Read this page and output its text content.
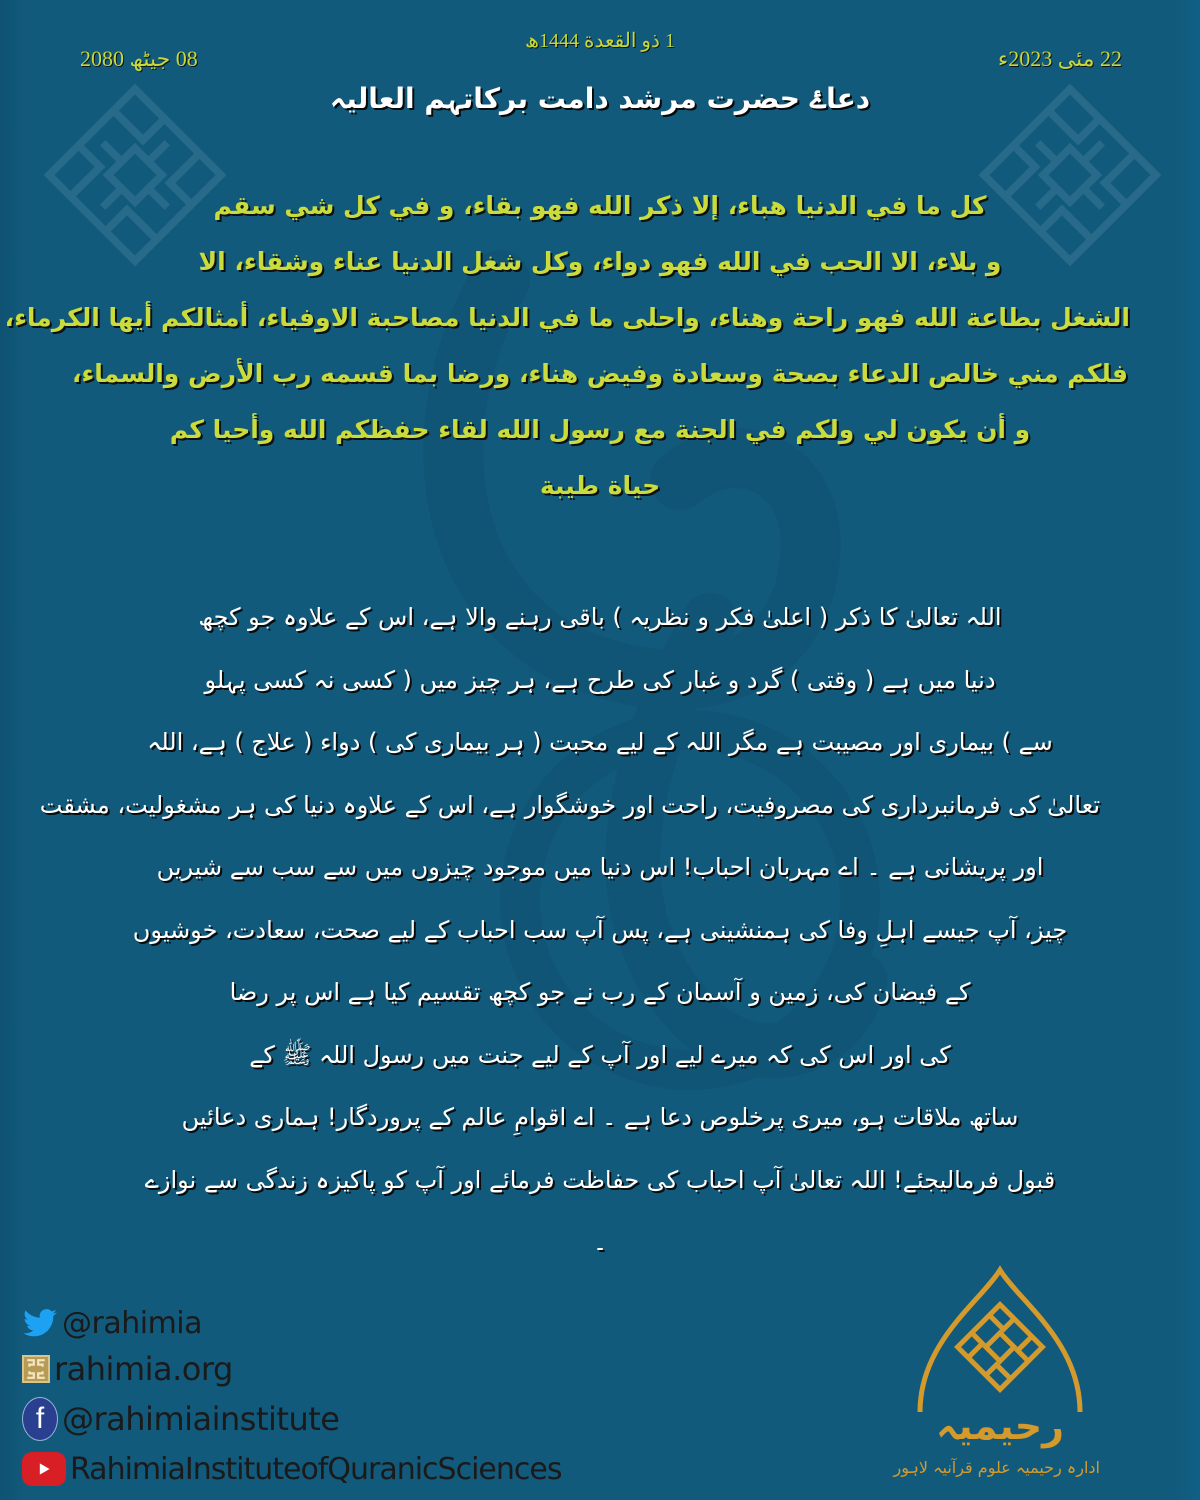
1 ذو القعدة 1444ھ
08 جیٹھ 2080	22 مئی 2023ء
دعاۓ حضرت مرشد دامت برکاتہم العالیہ
كل ما في الدنيا هباء، إلا ذكر الله فهو بقاء، و في كل شي سقم
و بلاء، الا الحب في الله فهو دواء، وكل شغل الدنيا عناء وشقاء، الا
الشغل بطاعة الله فهو راحة وهناء، واحلى ما في الدنيا مصاحبة الاوفياء، أمثالكم أيها الكرماء،
فلكم مني خالص الدعاء بصحة وسعادة وفيض هناء، ورضا بما قسمه رب الأرض والسماء،
و أن يكون لي ولكم في الجنة مع رسول الله لقاء حفظكم الله وأحيا كم
حياة طيبة
اللہ تعالیٰ کا ذکر ( اعلیٰ فکر و نظریہ ) باقی رہنے والا ہے، اس کے علاوہ جو کچھ
دنیا میں ہے ( وقتی ) گرد و غبار کی طرح ہے، ہر چیز میں ( کسی نہ کسی پہلو
سے ) بیماری اور مصیبت ہے مگر اللہ کے لیے محبت ( ہر بیماری کی ) دواء ( علاج ) ہے، اللہ
تعالیٰ کی فرمانبرداری کی مصروفیت، راحت اور خوشگوار ہے، اس کے علاوہ دنیا کی ہر مشغولیت، مشقت
اور پریشانی ہے ۔ اے مہربان احباب! اس دنیا میں موجود چیزوں میں سے سب سے شیریں
چیز، آپ جیسے اہلِ وفا کی ہمنشینی ہے، پس آپ سب احباب کے لیے صحت، سعادت، خوشیوں
کے فیضان کی، زمین و آسمان کے رب نے جو کچھ تقسیم کیا ہے اس پر رضا
کی اور اس کی کہ میرے لیے اور آپ کے لیے جنت میں رسول اللہ ﷺ کے
ساتھ ملاقات ہو، میری پرخلوص دعا ہے ۔ اے اقوامِ عالم کے پروردگار! ہماری دعائیں
قبول فرمالیجئے! اللہ تعالیٰ آپ احباب کی حفاظت فرمائے اور آپ کو پاکیزہ زندگی سے نوازے
۔
@rahimia
rahimia.org
f @rahimiainstitute
RahimiaInstituteofQuranicSciences
رحیمیہ
ادارہ رحیمیہ علوم قرآنیہ لاہور
